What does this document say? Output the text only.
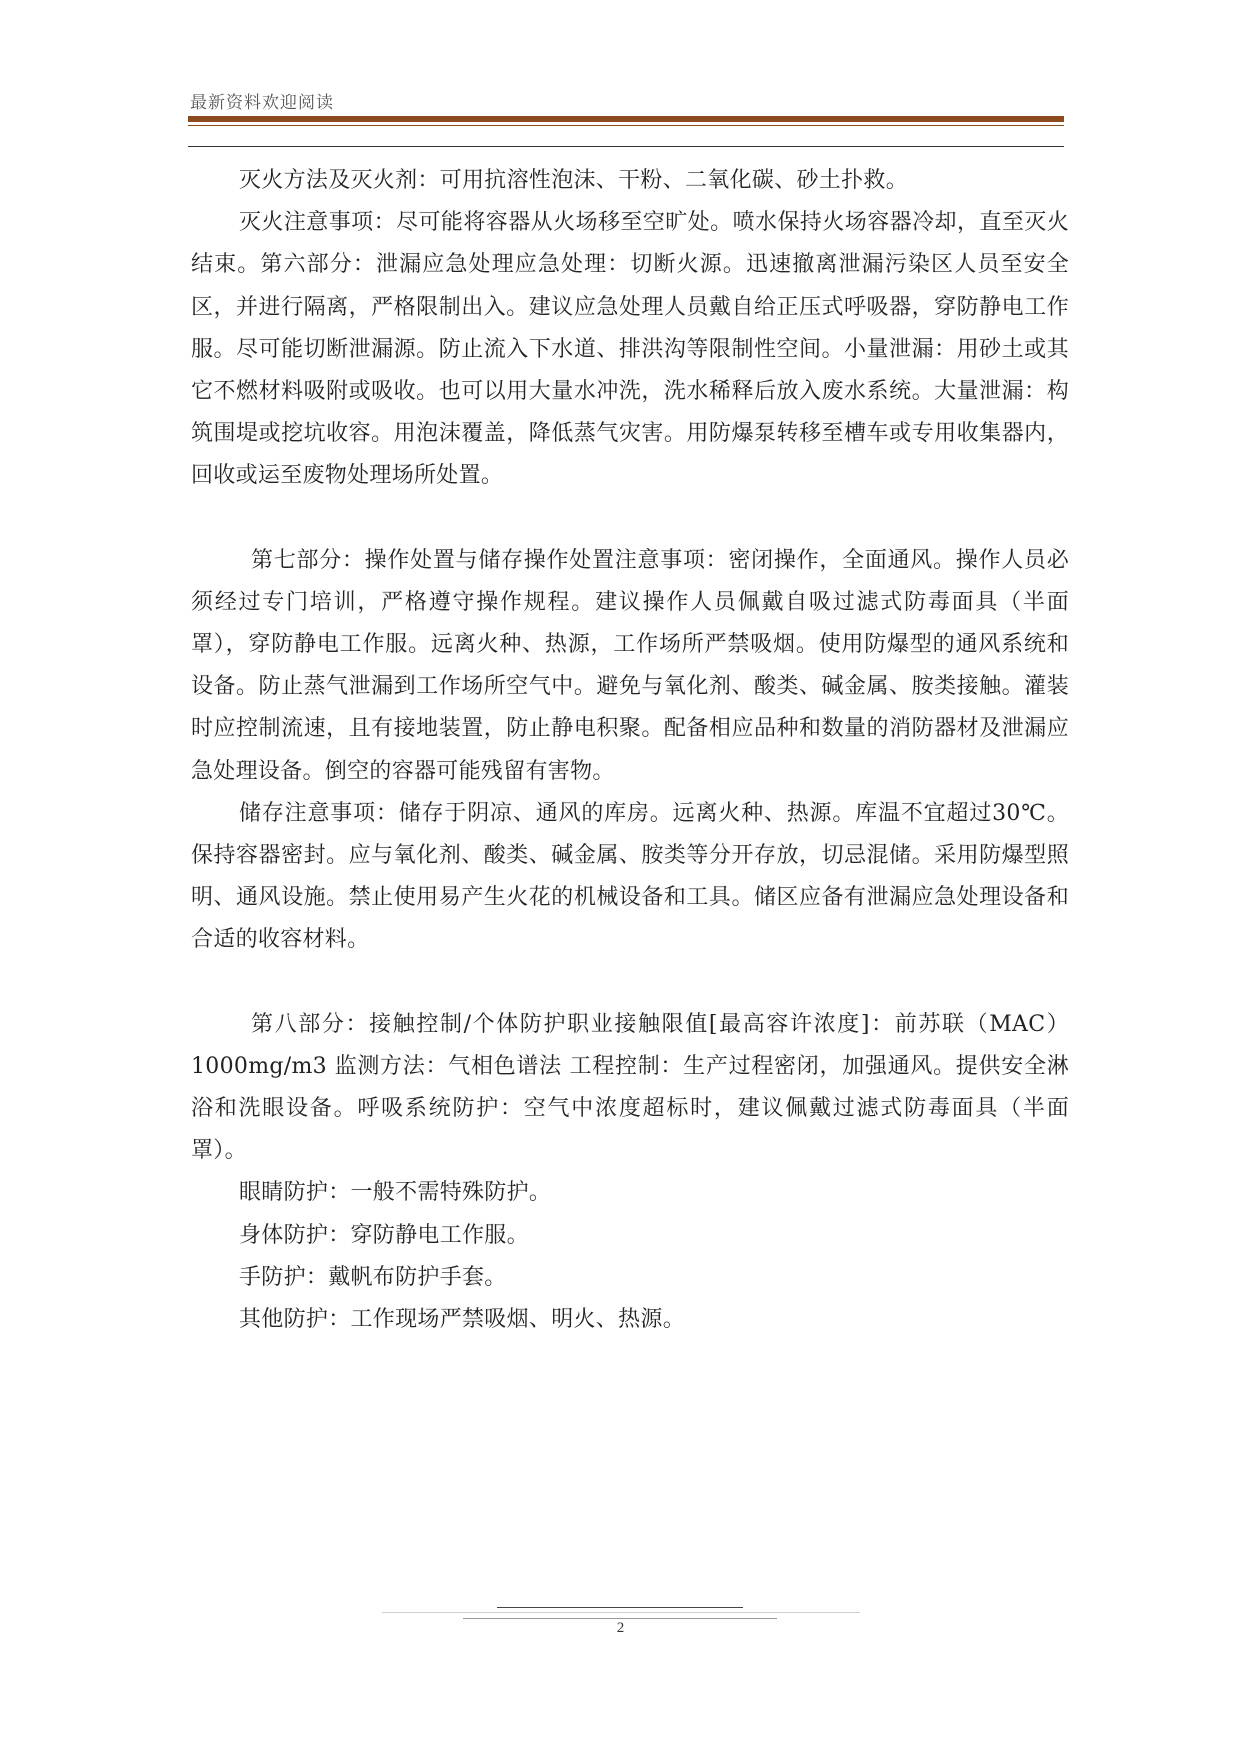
最新资料欢迎阅读

灭火方法及灭火剂：可用抗溶性泡沫、干粉、二氧化碳、砂土扑救。

灭火注意事项：尽可能将容器从火场移至空旷处。喷水保持火场容器冷却，直至灭火结束。第六部分：泄漏应急处理应急处理：切断火源。迅速撤离泄漏污染区人员至安全区，并进行隔离，严格限制出入。建议应急处理人员戴自给正压式呼吸器，穿防静电工作服。尽可能切断泄漏源。防止流入下水道、排洪沟等限制性空间。小量泄漏：用砂土或其它不燃材料吸附或吸收。也可以用大量水冲洗，洗水稀释后放入废水系统。大量泄漏：构筑围堤或挖坑收容。用泡沫覆盖，降低蒸气灾害。用防爆泵转移至槽车或专用收集器内，回收或运至废物处理场所处置。

第七部分：操作处置与储存操作处置注意事项：密闭操作，全面通风。操作人员必须经过专门培训，严格遵守操作规程。建议操作人员佩戴自吸过滤式防毒面具（半面罩），穿防静电工作服。远离火种、热源，工作场所严禁吸烟。使用防爆型的通风系统和设备。防止蒸气泄漏到工作场所空气中。避免与氧化剂、酸类、碱金属、胺类接触。灌装时应控制流速，且有接地装置，防止静电积聚。配备相应品种和数量的消防器材及泄漏应急处理设备。倒空的容器可能残留有害物。

储存注意事项：储存于阴凉、通风的库房。远离火种、热源。库温不宜超过30℃。保持容器密封。应与氧化剂、酸类、碱金属、胺类等分开存放，切忌混储。采用防爆型照明、通风设施。禁止使用易产生火花的机械设备和工具。储区应备有泄漏应急处理设备和合适的收容材料。

第八部分：接触控制/个体防护职业接触限值[最高容许浓度]：前苏联（MAC）1000mg/m3 监测方法：气相色谱法 工程控制：生产过程密闭，加强通风。提供安全淋浴和洗眼设备。呼吸系统防护：空气中浓度超标时，建议佩戴过滤式防毒面具（半面罩）。

眼睛防护：一般不需特殊防护。

身体防护：穿防静电工作服。

手防护：戴帆布防护手套。

其他防护：工作现场严禁吸烟、明火、热源。

2
